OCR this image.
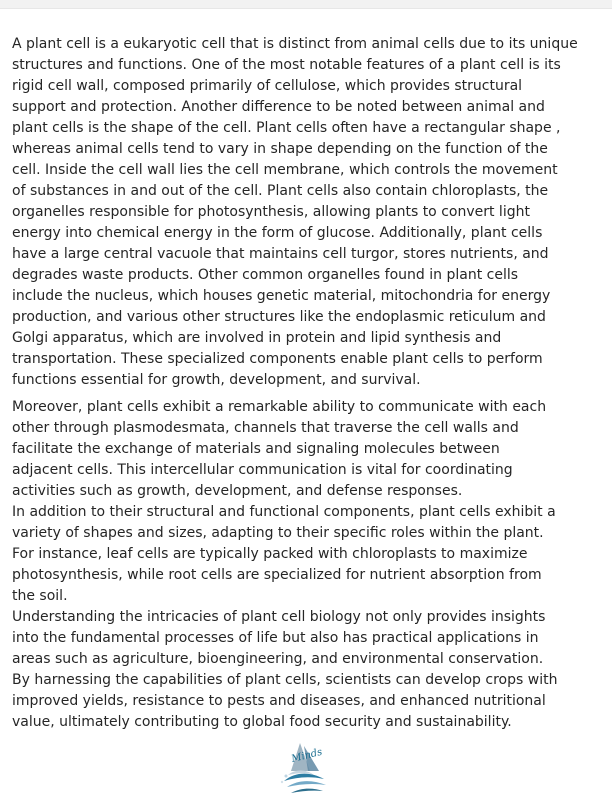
A plant cell is a eukaryotic cell that is distinct from animal cells due to its unique
structures and functions. One of the most notable features of a plant cell is its
rigid cell wall, composed primarily of cellulose, which provides structural
support and protection. Another difference to be noted between animal and
plant cells is the shape of the cell. Plant cells often have a rectangular shape ,
whereas animal cells tend to vary in shape depending on the function of the
cell. Inside the cell wall lies the cell membrane, which controls the movement
of substances in and out of the cell. Plant cells also contain chloroplasts, the
organelles responsible for photosynthesis, allowing plants to convert light
energy into chemical energy in the form of glucose. Additionally, plant cells
have a large central vacuole that maintains cell turgor, stores nutrients, and
degrades waste products. Other common organelles found in plant cells
include the nucleus, which houses genetic material, mitochondria for energy
production, and various other structures like the endoplasmic reticulum and
Golgi apparatus, which are involved in protein and lipid synthesis and
transportation. These specialized components enable plant cells to perform
functions essential for growth, development, and survival.
Moreover, plant cells exhibit a remarkable ability to communicate with each
other through plasmodesmata, channels that traverse the cell walls and
facilitate the exchange of materials and signaling molecules between
adjacent cells. This intercellular communication is vital for coordinating
activities such as growth, development, and defense responses.
In addition to their structural and functional components, plant cells exhibit a
variety of shapes and sizes, adapting to their specific roles within the plant.
For instance, leaf cells are typically packed with chloroplasts to maximize
photosynthesis, while root cells are specialized for nutrient absorption from
the soil.
Understanding the intricacies of plant cell biology not only provides insights
into the fundamental processes of life but also has practical applications in
areas such as agriculture, bioengineering, and environmental conservation.
By harnessing the capabilities of plant cells, scientists can develop crops with
improved yields, resistance to pests and diseases, and enhanced nutritional
value, ultimately contributing to global food security and sustainability.
Minds
